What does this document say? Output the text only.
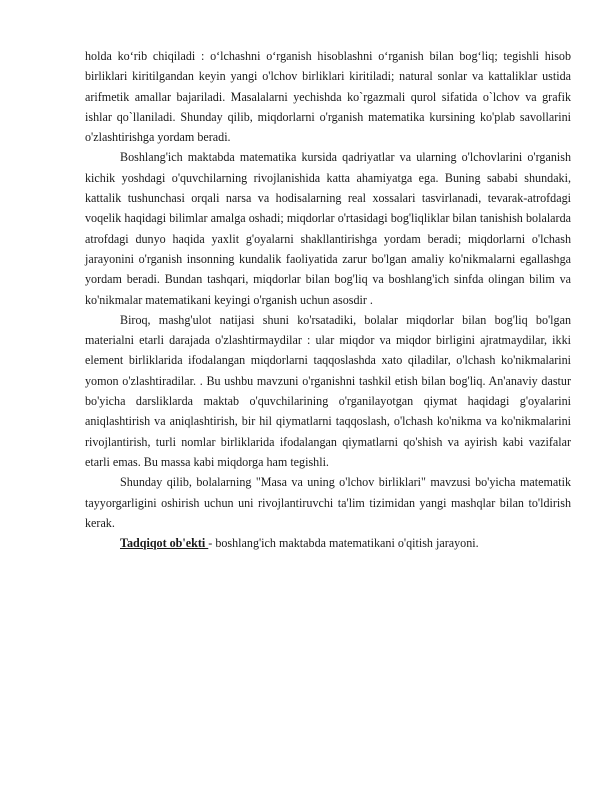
holda ko‘rib chiqiladi : o‘lchashni o‘rganish hisoblashni o‘rganish bilan bog‘liq; tegishli hisob birliklari kiritilgandan keyin yangi o'lchov birliklari kiritiladi; natural sonlar va kattaliklar ustida arifmetik amallar bajariladi. Masalalarni yechishda ko`rgazmali qurol sifatida o`lchov va grafik ishlar qo`llaniladi. Shunday qilib, miqdorlarni o'rganish matematika kursining ko'plab savollarini o'zlashtirishga yordam beradi.

Boshlang'ich maktabda matematika kursida qadriyatlar va ularning o'lchovlarini o'rganish kichik yoshdagi o'quvchilarning rivojlanishida katta ahamiyatga ega. Buning sababi shundaki, kattalik tushunchasi orqali narsa va hodisalarning real xossalari tasvirlanadi, tevarak-atrofdagi voqelik haqidagi bilimlar amalga oshadi; miqdorlar o'rtasidagi bog'liqliklar bilan tanishish bolalarda atrofdagi dunyo haqida yaxlit g'oyalarni shakllantirishga yordam beradi; miqdorlarni o'lchash jarayonini o'rganish insonning kundalik faoliyatida zarur bo'lgan amaliy ko'nikmalarni egallashga yordam beradi. Bundan tashqari, miqdorlar bilan bog'liq va boshlang'ich sinfda olingan bilim va ko'nikmalar matematikani keyingi o'rganish uchun asosdir .

Biroq, mashg'ulot natijasi shuni ko'rsatadiki, bolalar miqdorlar bilan bog'liq bo'lgan materialni etarli darajada o'zlashtirmaydilar : ular miqdor va miqdor birligini ajratmaydilar, ikki element birliklarida ifodalangan miqdorlarni taqqoslashda xato qiladilar, o'lchash ko'nikmalarini yomon o'zlashtiradilar. . Bu ushbu mavzuni o'rganishni tashkil etish bilan bog'liq. An'anaviy dastur bo'yicha darsliklarda maktab o'quvchilarining o'rganilayotgan qiymat haqidagi g'oyalarini aniqlashtirish va aniqlashtirish, bir hil qiymatlarni taqqoslash, o'lchash ko'nikma va ko'nikmalarini rivojlantirish, turli nomlar birliklarida ifodalangan qiymatlarni qo'shish va ayirish kabi vazifalar etarli emas. Bu massa kabi miqdorga ham tegishli.

Shunday qilib, bolalarning "Masa va uning o'lchov birliklari" mavzusi bo'yicha matematik tayyorgarligini oshirish uchun uni rivojlantiruvchi ta'lim tizimidan yangi mashqlar bilan to'ldirish kerak.

Tadqiqot ob'ekti - boshlang'ich maktabda matematikani o'qitish jarayoni.
